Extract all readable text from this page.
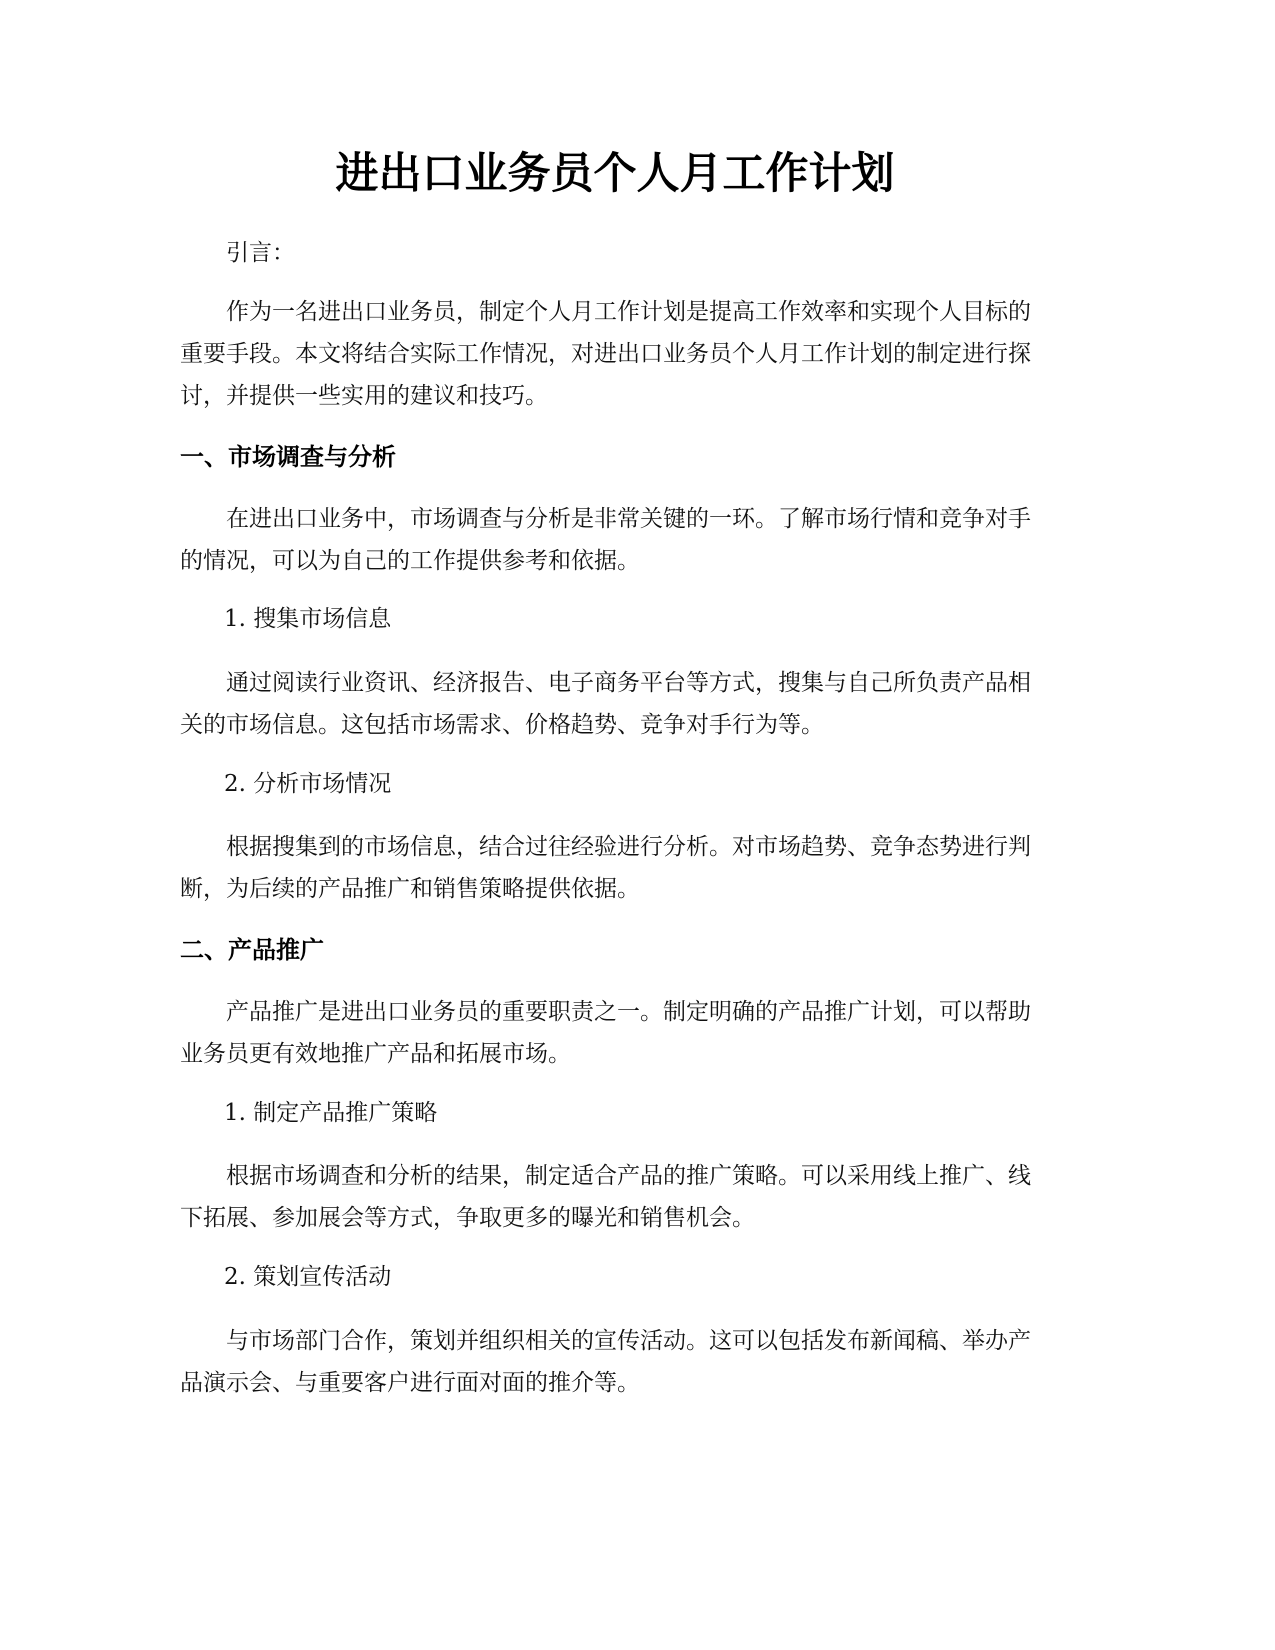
进出口业务员个人月工作计划

引言：

作为一名进出口业务员，制定个人月工作计划是提高工作效率和实现个人目标的重要手段。本文将结合实际工作情况，对进出口业务员个人月工作计划的制定进行探讨，并提供一些实用的建议和技巧。

一、市场调查与分析

在进出口业务中，市场调查与分析是非常关键的一环。了解市场行情和竞争对手的情况，可以为自己的工作提供参考和依据。

1. 搜集市场信息

通过阅读行业资讯、经济报告、电子商务平台等方式，搜集与自己所负责产品相关的市场信息。这包括市场需求、价格趋势、竞争对手行为等。

2. 分析市场情况

根据搜集到的市场信息，结合过往经验进行分析。对市场趋势、竞争态势进行判断，为后续的产品推广和销售策略提供依据。

二、产品推广

产品推广是进出口业务员的重要职责之一。制定明确的产品推广计划，可以帮助业务员更有效地推广产品和拓展市场。

1. 制定产品推广策略

根据市场调查和分析的结果，制定适合产品的推广策略。可以采用线上推广、线下拓展、参加展会等方式，争取更多的曝光和销售机会。

2. 策划宣传活动

与市场部门合作，策划并组织相关的宣传活动。这可以包括发布新闻稿、举办产品演示会、与重要客户进行面对面的推介等。
